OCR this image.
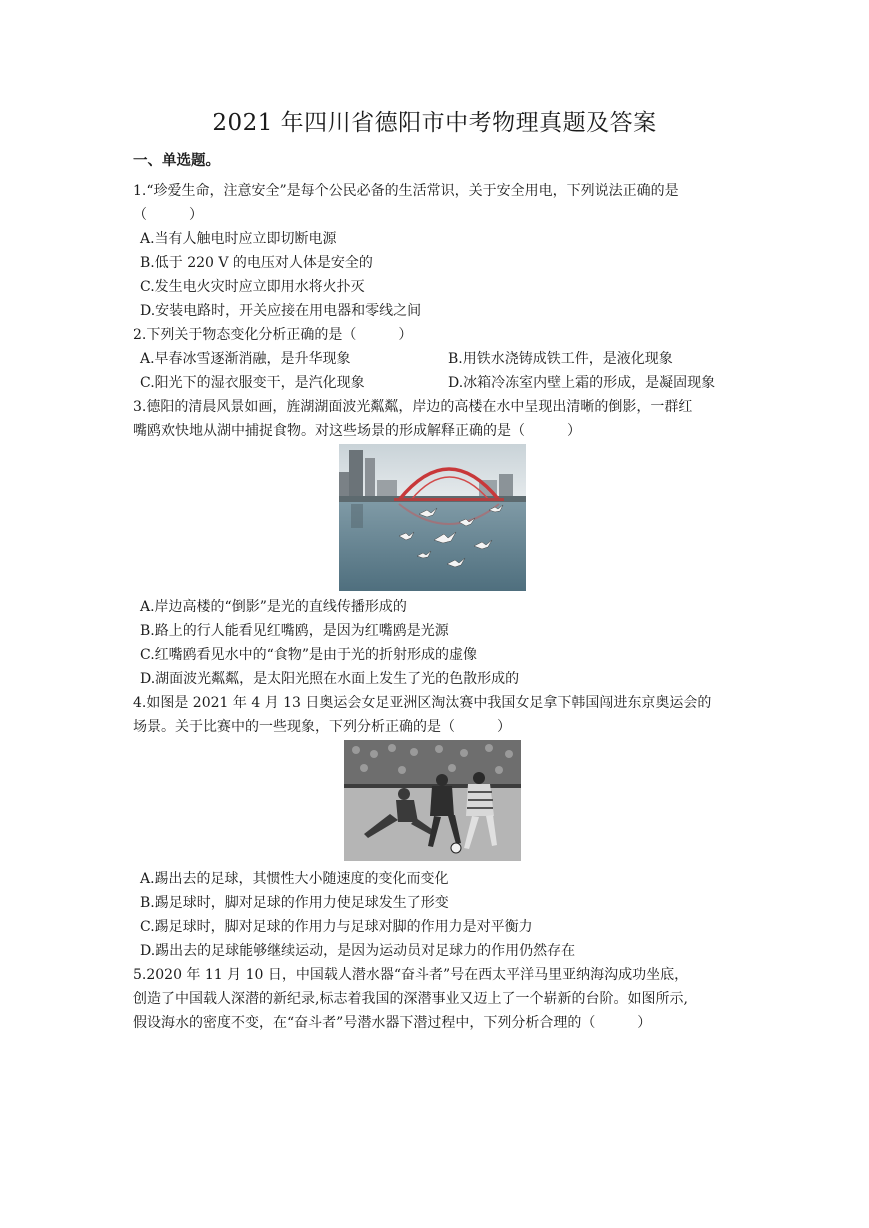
2021 年四川省德阳市中考物理真题及答案
一、单选题。
1.“珍爱生命，注意安全”是每个公民必备的生活常识，关于安全用电，下列说法正确的是
（　　　）
A.当有人触电时应立即切断电源
B.低于 220 V 的电压对人体是安全的
C.发生电火灾时应立即用水将火扑灭
D.安装电路时，开关应接在用电器和零线之间
2.下列关于物态变化分析正确的是（　　　）
A.早春冰雪逐渐消融，是升华现象	B.用铁水浇铸成铁工件，是液化现象
C.阳光下的湿衣服变干，是汽化现象	D.冰箱冷冻室内壁上霜的形成，是凝固现象
3.德阳的清晨风景如画，旌湖湖面波光粼粼，岸边的高楼在水中呈现出清晰的倒影，一群红
嘴鸥欢快地从湖中捕捉食物。对这些场景的形成解释正确的是（　　　）
A.岸边高楼的“倒影”是光的直线传播形成的
B.路上的行人能看见红嘴鸥，是因为红嘴鸥是光源
C.红嘴鸥看见水中的“食物”是由于光的折射形成的虚像
D.湖面波光粼粼，是太阳光照在水面上发生了光的色散形成的
4.如图是 2021 年 4 月 13 日奥运会女足亚洲区淘汰赛中我国女足拿下韩国闯进东京奥运会的
场景。关于比赛中的一些现象，下列分析正确的是（　　　）
A.踢出去的足球，其惯性大小随速度的变化而变化
B.踢足球时，脚对足球的作用力使足球发生了形变
C.踢足球时，脚对足球的作用力与足球对脚的作用力是对平衡力
D.踢出去的足球能够继续运动，是因为运动员对足球力的作用仍然存在
5.2020 年 11 月 10 日，中国载人潜水器“奋斗者”号在西太平洋马里亚纳海沟成功坐底，
创造了中国载人深潜的新纪录,标志着我国的深潜事业又迈上了一个崭新的台阶。如图所示,
假设海水的密度不变，在“奋斗者”号潜水器下潜过程中，下列分析合理的（　　　）
